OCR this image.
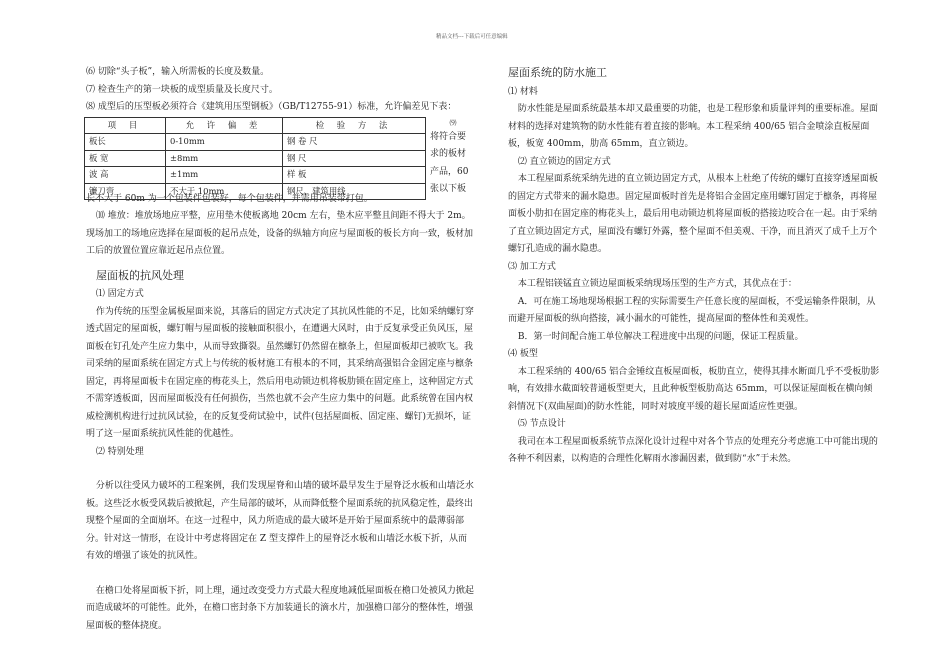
精品文档---下载后可任意编辑

⑹ 切除“头子板”，输入所需板的长度及数量。

⑺ 检查生产的第一块板的成型质量及长度尺寸。

⑻ 成型后的压型板必须符合《建筑用压型钢板》（GB/T12755-91）标准，允许偏差见下表：

项 目	允 许 偏 差	检 验 方 法
板长	0-10mm	钢 卷 尺
板 宽	±8mm	钢 尺
波 高	±1mm	样 板
镰刀弯	不大于 10mm	钢尺、建筑用线
⑼
将符合要
求的板材
产品，60
张以下板

长不大于 60m 为一个包装件包装好，每个包装件，并需用吊装带打包。

⑽ 堆放：堆放场地应平整，应用垫木使板离地 20cm 左右，垫木应平整且间距不得大于 2m。现场加工的场地应选择在屋面板的起吊点处，设备的纵轴方向应与屋面板的板长方向一致，板材加工后的放置位置应靠近起吊点位置。

屋面板的抗风处理

⑴ 固定方式

作为传统的压型金属板屋面来说，其落后的固定方式决定了其抗风性能的不足，比如采纳螺钉穿透式固定的屋面板，螺钉帽与屋面板的接触面积很小，在遭遇大风时，由于反复承受正负风压，屋面板在钉孔处产生应力集中，从而导致撕裂。虽然螺钉仍然留在檩条上，但屋面板却已被吹飞。我司采纳的屋面系统在固定方式上与传统的板材施工有根本的不同，其采纳高强铝合金固定座与檩条固定，再将屋面板卡在固定座的梅花头上，然后用电动锁边机将板肋锁在固定座上，这种固定方式不需穿透板面，因而屋面板没有任何损伤，当然也就不会产生应力集中的问题。此系统曾在国内权威检测机构进行过抗风试验，在的反复受荷试验中，试件(包括屋面板、固定座、螺钉)无损坏，证明了这一屋面系统抗风性能的优越性。

⑵ 特别处理

分析以往受风力破坏的工程案例，我们发现屋脊和山墙的破坏最早发生于屋脊泛水板和山墙泛水板。这些泛水板受风载后被掀起，产生局部的破坏，从而降低整个屋面系统的抗风稳定性，最终出现整个屋面的全面崩坏。在这一过程中，风力所造成的最大破坏是开始于屋面系统中的最薄弱部分。针对这一情形，在设计中考虑将固定在 Z 型支撑件上的屋脊泛水板和山墙泛水板下折，从而有效的增强了该处的抗风性。

在檐口处将屋面板下折，同上理，通过改变受力方式最大程度地减低屋面板在檐口处被风力掀起而造成破坏的可能性。此外，在檐口密封条下方加装通长的滴水片，加强檐口部分的整体性，增强屋面板的整体挠度。

屋面系统的防水施工

⑴ 材料

防水性能是屋面系统最基本却又最重要的功能，也是工程形象和质量评判的重要标准。屋面材料的选择对建筑物的防水性能有着直接的影响。本工程采纳 400/65 铝合金喷涂直板屋面板，板宽 400mm，肋高 65mm，直立锁边。

⑵ 直立锁边的固定方式

本工程屋面系统采纳先进的直立锁边固定方式，从根本上杜绝了传统的螺钉直接穿透屋面板的固定方式带来的漏水隐患。固定屋面板时首先是将铝合金固定座用螺钉固定于檩条，再将屋面板小肋扣在固定座的梅花头上，最后用电动锁边机将屋面板的搭接边咬合在一起。由于采纳了直立锁边固定方式，屋面没有螺钉外露，整个屋面不但美观、干净，而且消灭了成千上万个螺钉孔造成的漏水隐患。

⑶ 加工方式

本工程铝镁锰直立锁边屋面板采纳现场压型的生产方式，其优点在于：

A．可在施工场地现场根据工程的实际需要生产任意长度的屋面板，不受运输条件限制，从而避开屋面板的纵向搭接，减小漏水的可能性，提高屋面的整体性和美观性。

B．第一时间配合施工单位解决工程进度中出现的问题，保证工程质量。

⑷ 板型

本工程采纳的 400/65 铝合金锤纹直板屋面板，板肋直立，使得其排水断面几乎不受板肋影响，有效排水截面较普通板型更大，且此种板型板肋高达 65mm，可以保证屋面板在横向倾斜情况下(双曲屋面)的防水性能，同时对坡度平缓的超长屋面适应性更强。

⑸ 节点设计

我司在本工程屋面板系统节点深化设计过程中对各个节点的处理充分考虑施工中可能出现的各种不利因素，以构造的合理性化解雨水渗漏因素，做到防“水”于未然。
